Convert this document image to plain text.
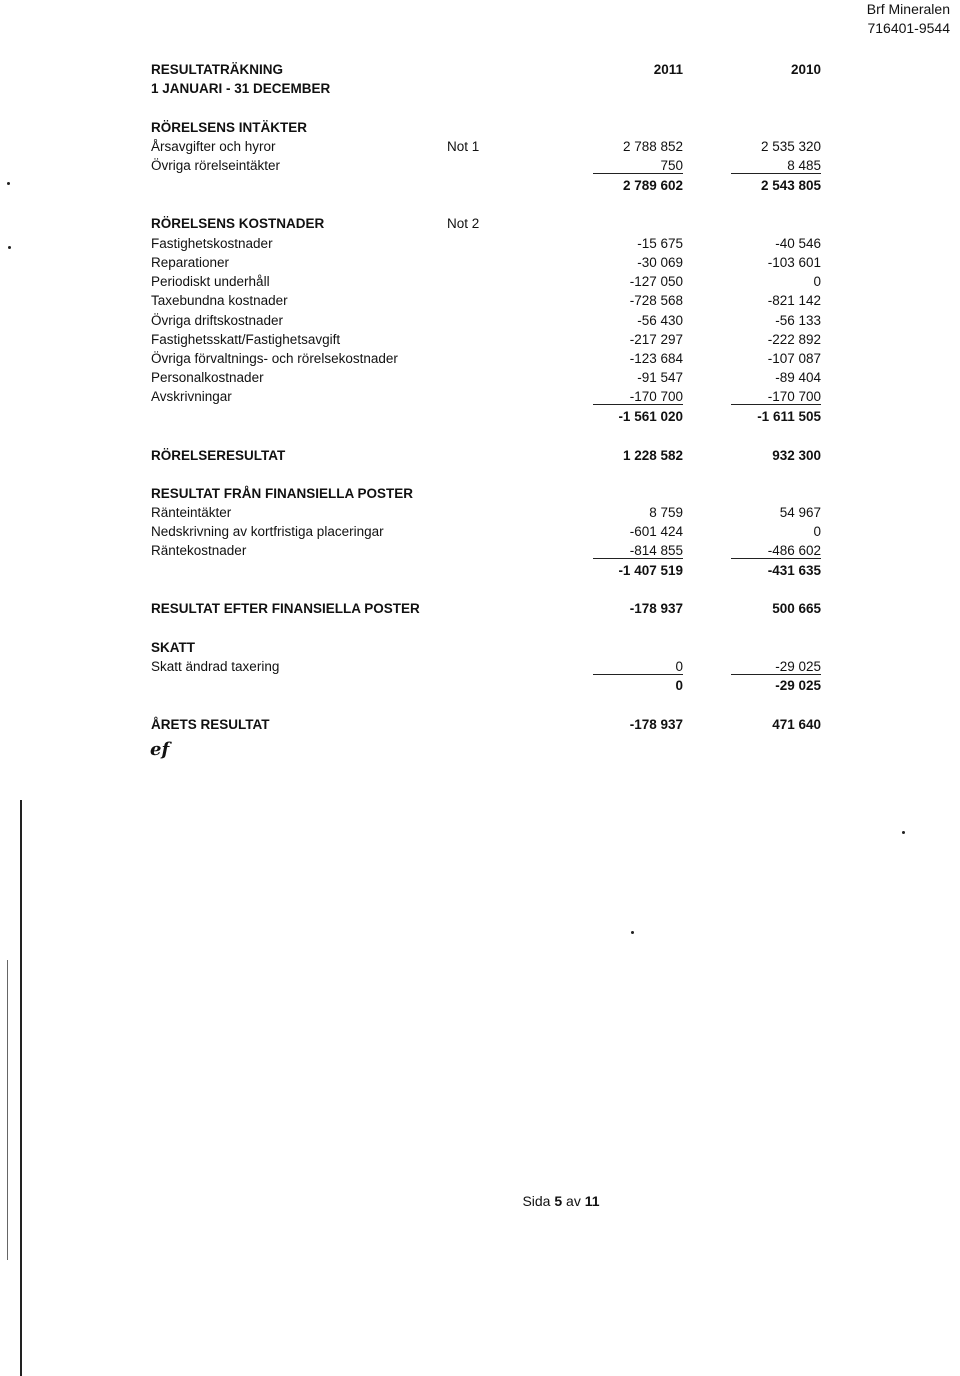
Brf Mineralen
716401-9544
RESULTATRÄKNING
1 JANUARI - 31 DECEMBER
2011	2010
RÖRELSENS INTÄKTER
Årsavgifter och hyror	Not 1	2 788 852	2 535 320
Övriga rörelseintäkter	750	8 485
2 789 602	2 543 805
RÖRELSENS KOSTNADER	Not 2
Fastighetskostnader	-15 675	-40 546
Reparationer	-30 069	-103 601
Periodiskt underhåll	-127 050	0
Taxebundna kostnader	-728 568	-821 142
Övriga driftskostnader	-56 430	-56 133
Fastighetsskatt/Fastighetsavgift	-217 297	-222 892
Övriga förvaltnings- och rörelsekostnader	-123 684	-107 087
Personalkostnader	-91 547	-89 404
Avskrivningar	-170 700	-170 700
-1 561 020	-1 611 505
RÖRELSERESULTAT	1 228 582	932 300
RESULTAT FRÅN FINANSIELLA POSTER
Ränteintäkter	8 759	54 967
Nedskrivning av kortfristiga placeringar	-601 424	0
Räntekostnader	-814 855	-486 602
-1 407 519	-431 635
RESULTAT EFTER FINANSIELLA POSTER	-178 937	500 665
SKATT
Skatt ändrad taxering	0	-29 025
0	-29 025
ÅRETS RESULTAT	-178 937	471 640
ef
Sida 5 av 11
